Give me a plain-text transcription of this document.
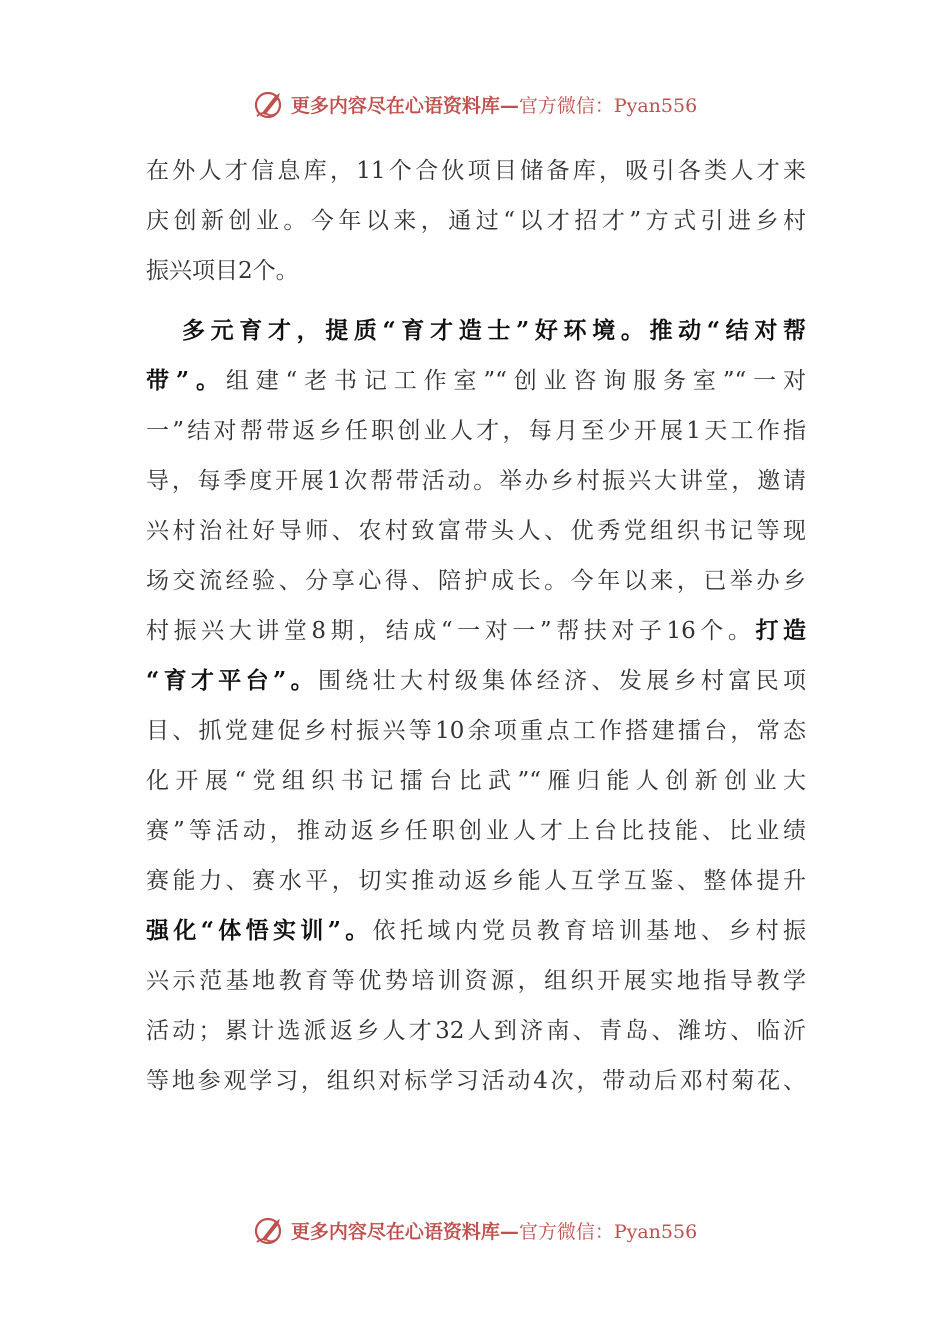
更多内容尽在心语资料库—官方微信：Pyan556
在外人才信息库，11个合伙项目储备库，吸引各类人才来
庆创新创业。今年以来，通过“以才招才”方式引进乡村
振兴项目2个。
多元育才，提质“育才造士”好环境。推动“结对帮
带”。组建“老书记工作室”“创业咨询服务室”“一对
一”结对帮带返乡任职创业人才，每月至少开展1天工作指
导，每季度开展1次帮带活动。举办乡村振兴大讲堂，邀请
兴村治社好导师、农村致富带头人、优秀党组织书记等现
场交流经验、分享心得、陪护成长。今年以来，已举办乡
村振兴大讲堂8期，结成“一对一”帮扶对子16个。打造
“育才平台”。围绕壮大村级集体经济、发展乡村富民项
目、抓党建促乡村振兴等10余项重点工作搭建擂台，常态
化开展“党组织书记擂台比武”“雁归能人创新创业大
赛”等活动，推动返乡任职创业人才上台比技能、比业绩
赛能力、赛水平，切实推动返乡能人互学互鉴、整体提升
强化“体悟实训”。依托域内党员教育培训基地、乡村振
兴示范基地教育等优势培训资源，组织开展实地指导教学
活动；累计选派返乡人才32人到济南、青岛、潍坊、临沂
等地参观学习，组织对标学习活动4次，带动后邓村菊花、
更多内容尽在心语资料库—官方微信：Pyan556
